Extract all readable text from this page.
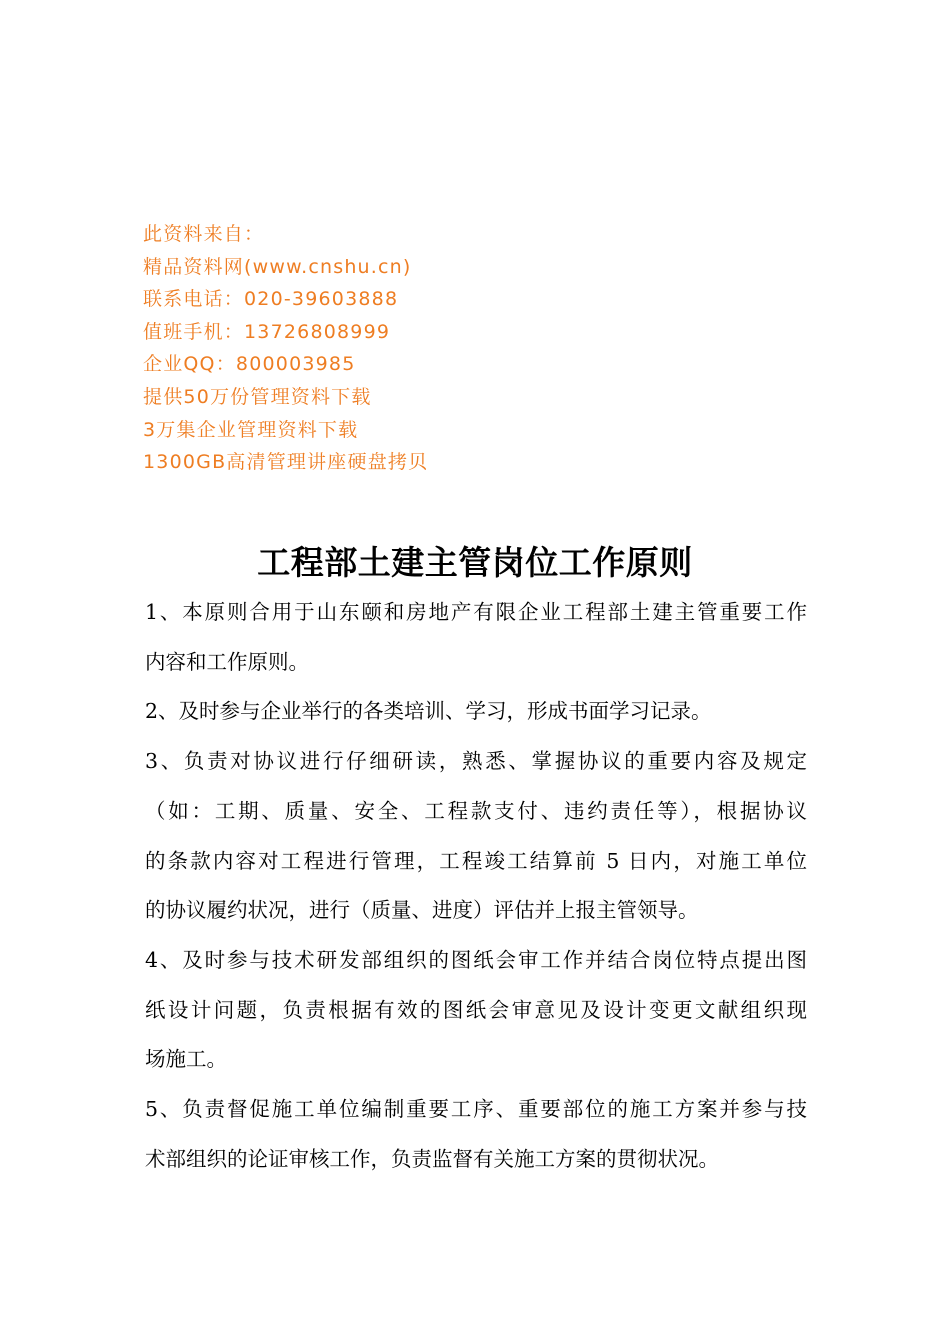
此资料来自：
精品资料网(www.cnshu.cn)
联系电话：020-39603888
值班手机：13726808999
企业QQ：800003985
提供50万份管理资料下载
3万集企业管理资料下载
1300GB高清管理讲座硬盘拷贝
工程部土建主管岗位工作原则
1、本原则合用于山东颐和房地产有限企业工程部土建主管重要工作
内容和工作原则。
2、及时参与企业举行的各类培训、学习，形成书面学习记录。
3、负责对协议进行仔细研读，熟悉、掌握协议的重要内容及规定
（如：工期、质量、安全、工程款支付、违约责任等），根据协议
的条款内容对工程进行管理，工程竣工结算前 5 日内，对施工单位
的协议履约状况，进行（质量、进度）评估并上报主管领导。
4、及时参与技术研发部组织的图纸会审工作并结合岗位特点提出图
纸设计问题，负责根据有效的图纸会审意见及设计变更文献组织现
场施工。
5、负责督促施工单位编制重要工序、重要部位的施工方案并参与技
术部组织的论证审核工作，负责监督有关施工方案的贯彻状况。
